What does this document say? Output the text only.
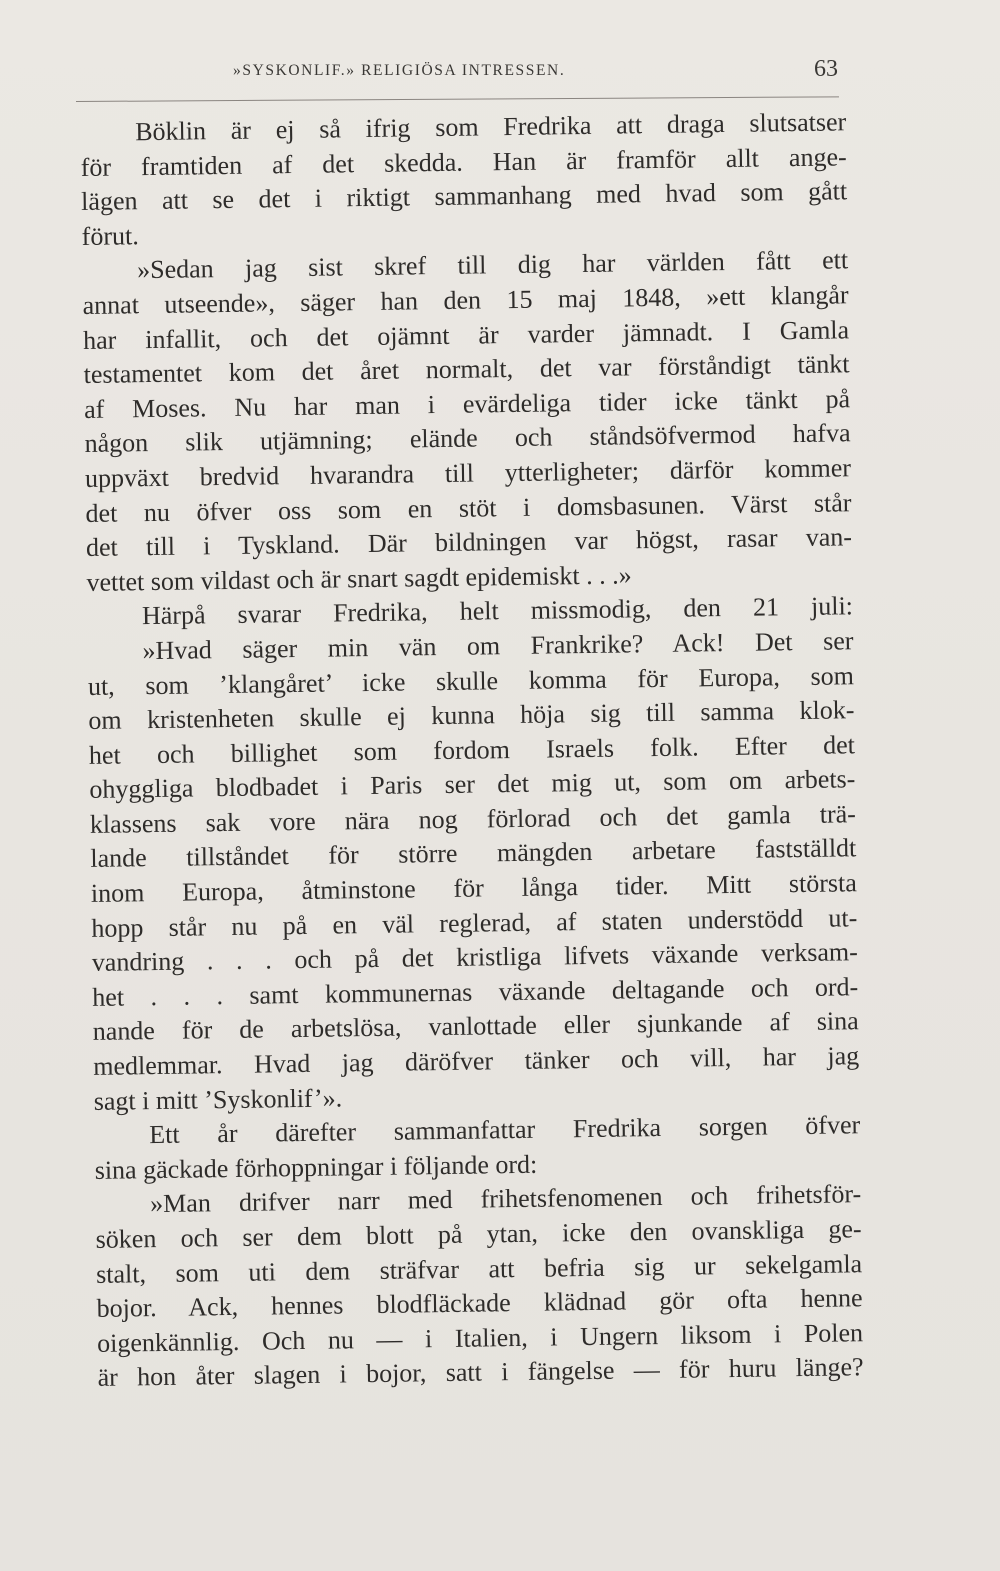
»SYSKONLIF.» RELIGIÖSA INTRESSEN.	63
Böklin är ej så ifrig som Fredrika att draga slutsatser
för framtiden af det skedda. Han är framför allt ange-
lägen att se det i riktigt sammanhang med hvad som gått
förut.
»Sedan jag sist skref till dig har världen fått ett
annat utseende», säger han den 15 maj 1848, »ett klangår
har infallit, och det ojämnt är varder jämnadt. I Gamla
testamentet kom det året normalt, det var förståndigt tänkt
af Moses. Nu har man i evärdeliga tider icke tänkt på
någon slik utjämning; elände och ståndsöfvermod hafva
uppväxt bredvid hvarandra till ytterligheter; därför kommer
det nu öfver oss som en stöt i domsbasunen. Värst står
det till i Tyskland. Där bildningen var högst, rasar van-
vettet som vildast och är snart sagdt epidemiskt . . .»
Härpå svarar Fredrika, helt missmodig, den 21 juli:
»Hvad säger min vän om Frankrike? Ack! Det ser
ut, som ’klangåret’ icke skulle komma för Europa, som
om kristenheten skulle ej kunna höja sig till samma klok-
het och billighet som fordom Israels folk. Efter det
ohyggliga blodbadet i Paris ser det mig ut, som om arbets-
klassens sak vore nära nog förlorad och det gamla trä-
lande tillståndet för större mängden arbetare fastställdt
inom Europa, åtminstone för långa tider. Mitt största
hopp står nu på en väl reglerad, af staten understödd ut-
vandring . . . och på det kristliga lifvets växande verksam-
het . . . samt kommunernas växande deltagande och ord-
nande för de arbetslösa, vanlottade eller sjunkande af sina
medlemmar. Hvad jag däröfver tänker och vill, har jag
sagt i mitt ’Syskonlif’».
Ett år därefter sammanfattar Fredrika sorgen öfver
sina gäckade förhoppningar i följande ord:
»Man drifver narr med frihetsfenomenen och frihetsför-
söken och ser dem blott på ytan, icke den ovanskliga ge-
stalt, som uti dem sträfvar att befria sig ur sekelgamla
bojor. Ack, hennes blodfläckade klädnad gör ofta henne
oigenkännlig. Och nu — i Italien, i Ungern liksom i Polen
är hon åter slagen i bojor, satt i fängelse — för huru länge?
